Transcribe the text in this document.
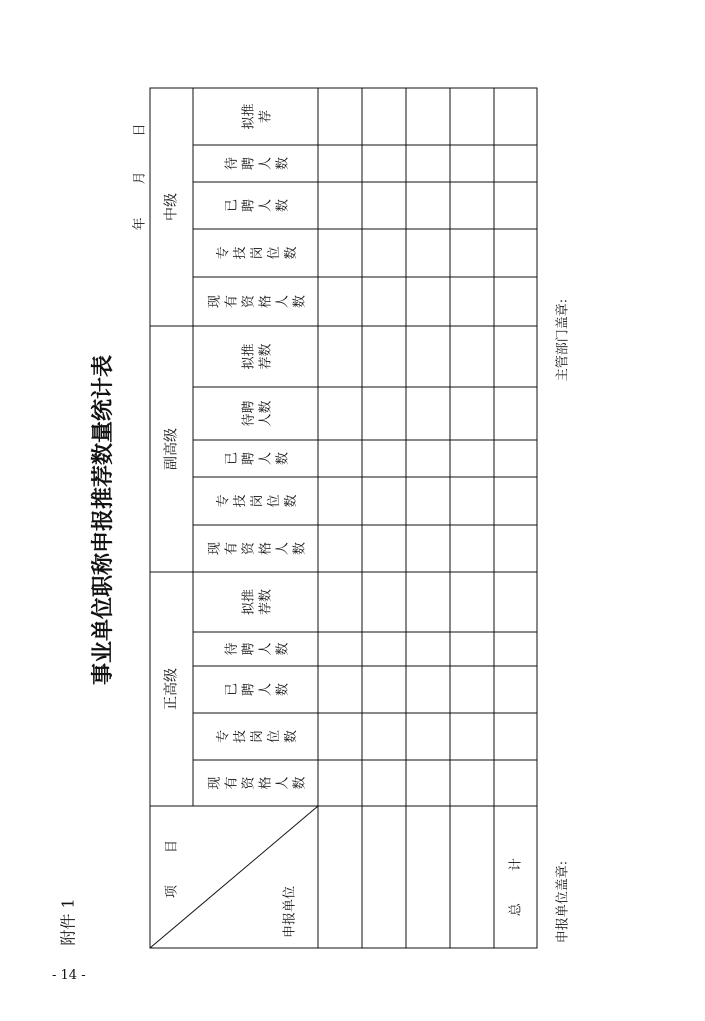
正高级
现 有 资 格 人 数
专 技 岗 位 数
已 聘 人 数
待 聘 人 数
拟推 荐数
副高级
现 有 资 格 人 数
专 技 岗 位 数
已 聘 人 数
待聘 人数
拟推 荐数
中级
现 有 资 格 人 数
专 技 岗 位 数
已 聘 人 数
待 聘 人 数
拟推 荐
项 目
申报单位	总 计
事业单位职称申报推荐数量统计表
附件 1
年
月
日
申报单位盖章:
主管部门盖章:
- 14 -
